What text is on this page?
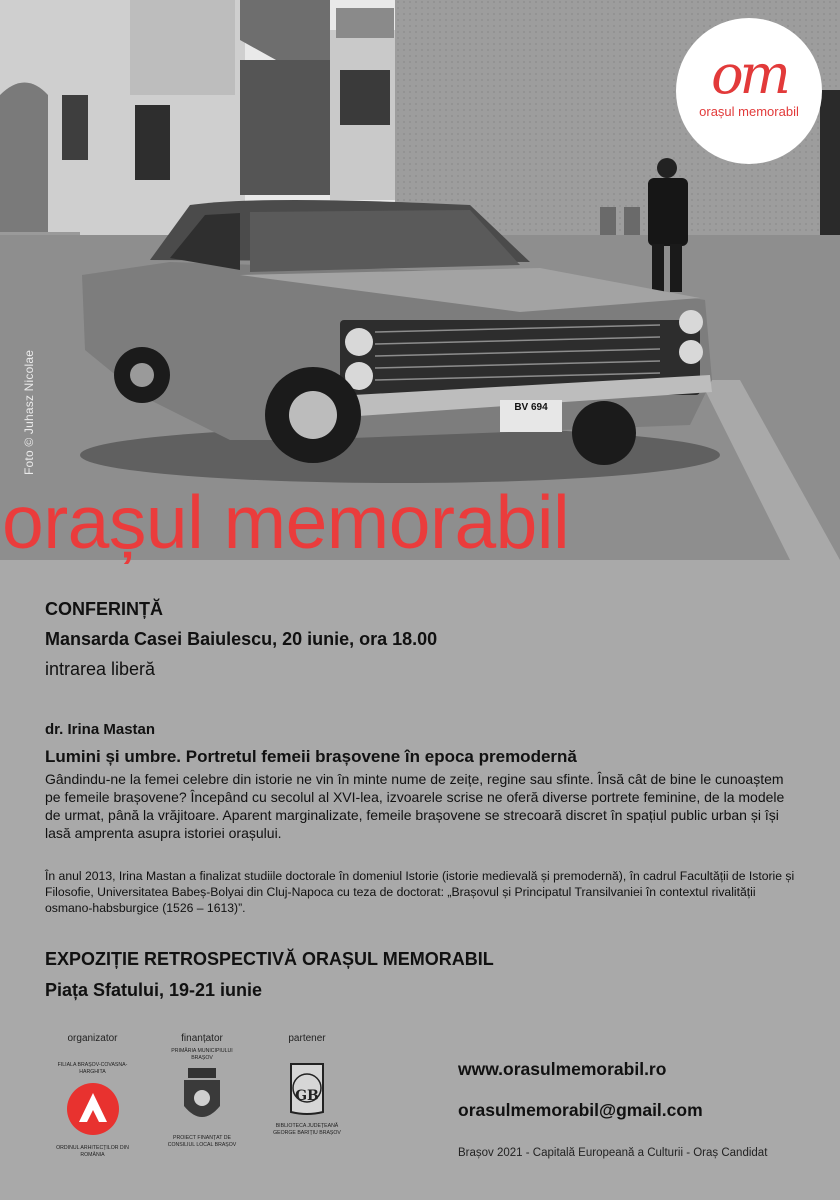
Foto © Juhasz Nicolae	BV 694
om
orașul memorabil
orașul memorabil
CONFERINȚĂ
Mansarda Casei Baiulescu, 20 iunie, ora 18.00
intrarea liberă
dr. Irina Mastan
Lumini și umbre. Portretul femeii brașovene în epoca premodernă
Gândindu-ne la femei celebre din istorie ne vin în minte nume de zeițe, regine sau sfinte. Însă cât de bine le cunoaștem pe femeile brașovene? Începând cu secolul al XVI-lea, izvoarele scrise ne oferă diverse portrete feminine, de la modele de urmat, până la vrăjitoare. Aparent marginalizate, femeile brașovene se strecoară discret în spațiul public urban și își lasă amprenta asupra istoriei orașului.
În anul 2013, Irina Mastan a finalizat studiile doctorale în domeniul Istorie (istorie medievală și premodernă), în cadrul Facultății de Istorie și Filosofie, Universitatea Babeș-Bolyai din Cluj-Napoca cu teza de doctorat: „Brașovul și Principatul Transilvaniei în contextul rivalității osmano-habsburgice (1526 – 1613)”.
EXPOZIȚIE RETROSPECTIVĂ ORAȘUL MEMORABIL
Piața Sfatului, 19-21 iunie
organizator
FILIALA BRAȘOV-COVASNA-HARGHITA
ORDINUL ARHITECȚILOR DIN ROMÂNIA
finanțator
PRIMĂRIA MUNICIPIULUI BRAȘOV
PROIECT FINANȚAT DE CONSILIUL LOCAL BRAȘOV
partener
GB
BIBLIOTECA JUDEȚEANĂ GEORGE BARIȚIU BRAȘOV
www.orasulmemorabil.ro
orasulmemorabil@gmail.com
Brașov 2021 - Capitală Europeană a Culturii - Oraș Candidat
